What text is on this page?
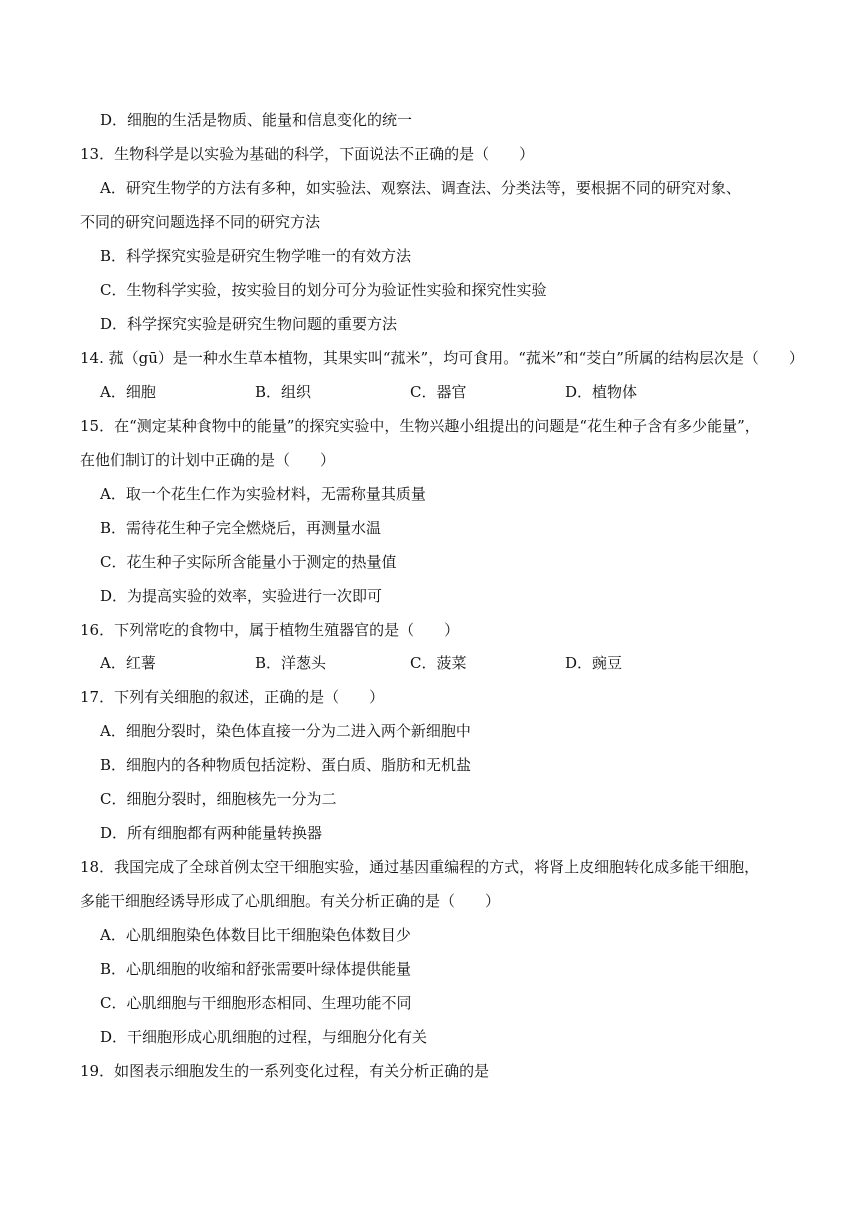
D．细胞的生活是物质、能量和信息变化的统一
13．生物科学是以实验为基础的科学，下面说法不正确的是（　　）
A．研究生物学的方法有多种，如实验法、观察法、调查法、分类法等，要根据不同的研究对象、
不同的研究问题选择不同的研究方法
B．科学探究实验是研究生物学唯一的有效方法
C．生物科学实验，按实验目的划分可分为验证性实验和探究性实验
D．科学探究实验是研究生物问题的重要方法
14. 菰（gū）是一种水生草本植物，其果实叫“菰米”，均可食用。“菰米”和“茭白”所属的结构层次是（　　）
A．细胞	B．组织	C．器官	D．植物体
15．在“测定某种食物中的能量”的探究实验中，生物兴趣小组提出的问题是“花生种子含有多少能量”，
在他们制订的计划中正确的是（　　）
A．取一个花生仁作为实验材料，无需称量其质量
B．需待花生种子完全燃烧后，再测量水温
C．花生种子实际所含能量小于测定的热量值
D．为提高实验的效率，实验进行一次即可
16．下列常吃的食物中，属于植物生殖器官的是（　　）
A．红薯	B．洋葱头	C．菠菜	D．豌豆
17．下列有关细胞的叙述，正确的是（　　）
A．细胞分裂时，染色体直接一分为二进入两个新细胞中
B．细胞内的各种物质包括淀粉、蛋白质、脂肪和无机盐
C．细胞分裂时，细胞核先一分为二
D．所有细胞都有两种能量转换器
18．我国完成了全球首例太空干细胞实验，通过基因重编程的方式，将肾上皮细胞转化成多能干细胞，
多能干细胞经诱导形成了心肌细胞。有关分析正确的是（　　）
A．心肌细胞染色体数目比干细胞染色体数目少
B．心肌细胞的收缩和舒张需要叶绿体提供能量
C．心肌细胞与干细胞形态相同、生理功能不同
D．干细胞形成心肌细胞的过程，与细胞分化有关
19．如图表示细胞发生的一系列变化过程，有关分析正确的是
